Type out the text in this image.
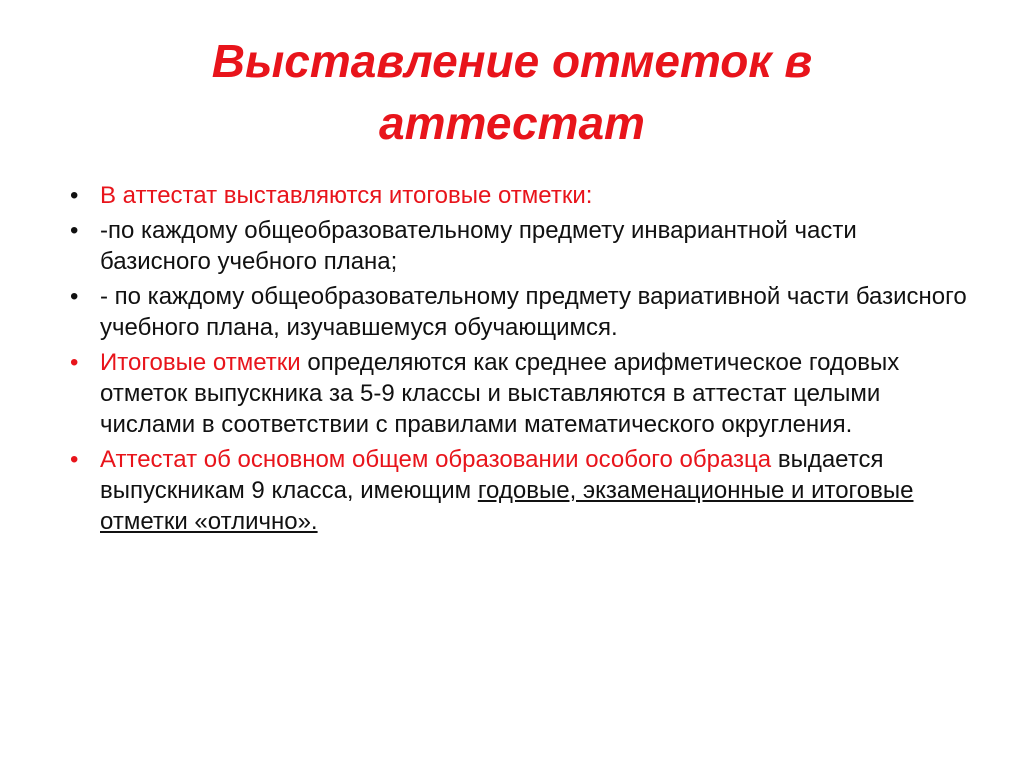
Выставление отметок в
аттестат
• В аттестат выставляются итоговые отметки:
• -по каждому общеобразовательному предмету инвариантной части базисного учебного плана;
• - по каждому общеобразовательному предмету вариативной части базисного учебного плана, изучавшемуся обучающимся.
• Итоговые отметки определяются как среднее арифметическое годовых отметок выпускника за 5-9 классы и выставляются в аттестат целыми числами в соответствии с правилами математического округления.
• Аттестат об основном общем образовании особого образца выдается выпускникам 9 класса, имеющим годовые, экзаменационные и итоговые отметки «отлично».
